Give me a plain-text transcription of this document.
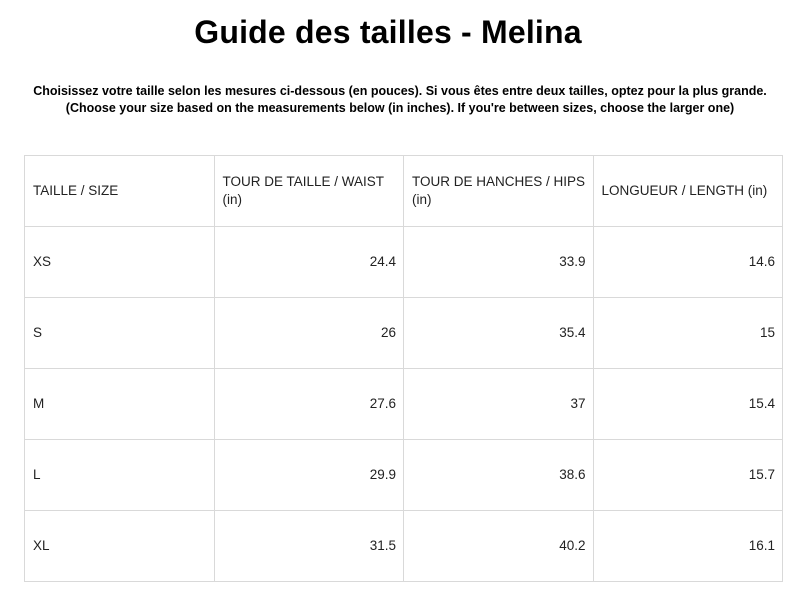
Guide des tailles - Melina
Choisissez votre taille selon les mesures ci-dessous (en pouces). Si vous êtes entre deux tailles, optez pour la plus grande.
(Choose your size based on the measurements below (in inches). If you're between sizes, choose the larger one)
TAILLE / SIZE	TOUR DE TAILLE / WAIST (in)	TOUR DE HANCHES / HIPS (in)	LONGUEUR / LENGTH (in)
XS	24.4	33.9	14.6
S	26	35.4	15
M	27.6	37	15.4
L	29.9	38.6	15.7
XL	31.5	40.2	16.1
